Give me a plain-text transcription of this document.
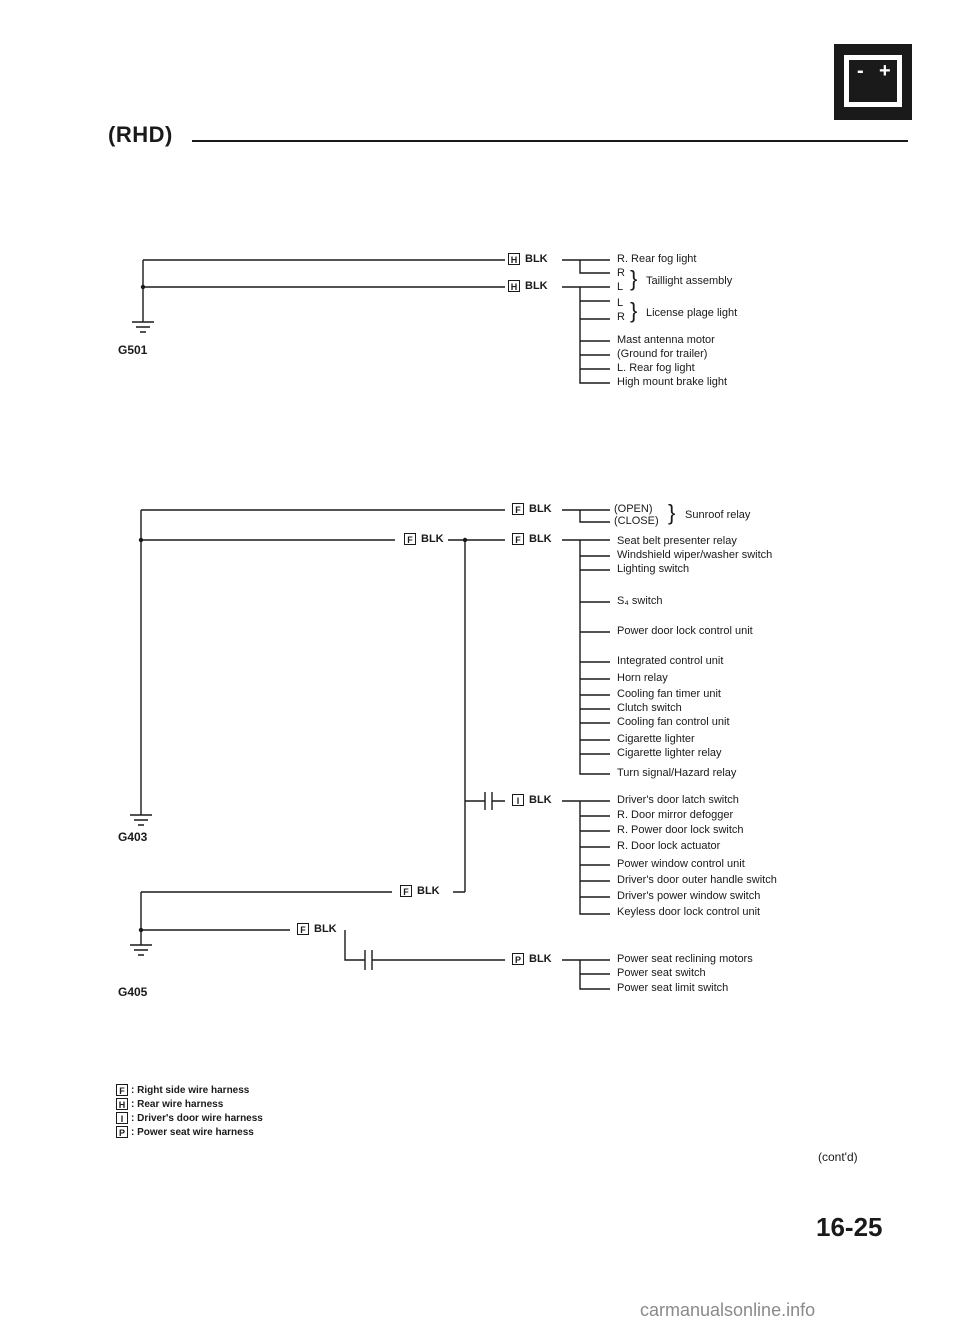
(RHD)
- +
G501
G403
G405
H BLK
H BLK
F BLK
F BLK	F BLK
I BLK
F BLK
F BLK
P BLK
R. Rear fog light
R
L } Taillight assembly
L
R } License plage light
Mast antenna motor
(Ground for trailer)
L. Rear fog light
High mount brake light
(OPEN)
(CLOSE) } Sunroof relay
Seat belt presenter relay
Windshield wiper/washer switch
Lighting switch
S₄ switch
Power door lock control unit
Integrated control unit
Horn relay
Cooling fan timer unit
Clutch switch
Cooling fan control unit
Cigarette lighter
Cigarette lighter relay
Turn signal/Hazard relay
Driver's door latch switch
R. Door mirror defogger
R. Power door lock switch
R. Door lock actuator
Power window control unit
Driver's door outer handle switch
Driver's power window switch
Keyless door lock control unit
Power seat reclining motors
Power seat switch
Power seat limit switch
F : Right side wire harness
H : Rear wire harness
I : Driver's door wire harness
P : Power seat wire harness
(cont'd)
16-25
carmanualsonline.info
